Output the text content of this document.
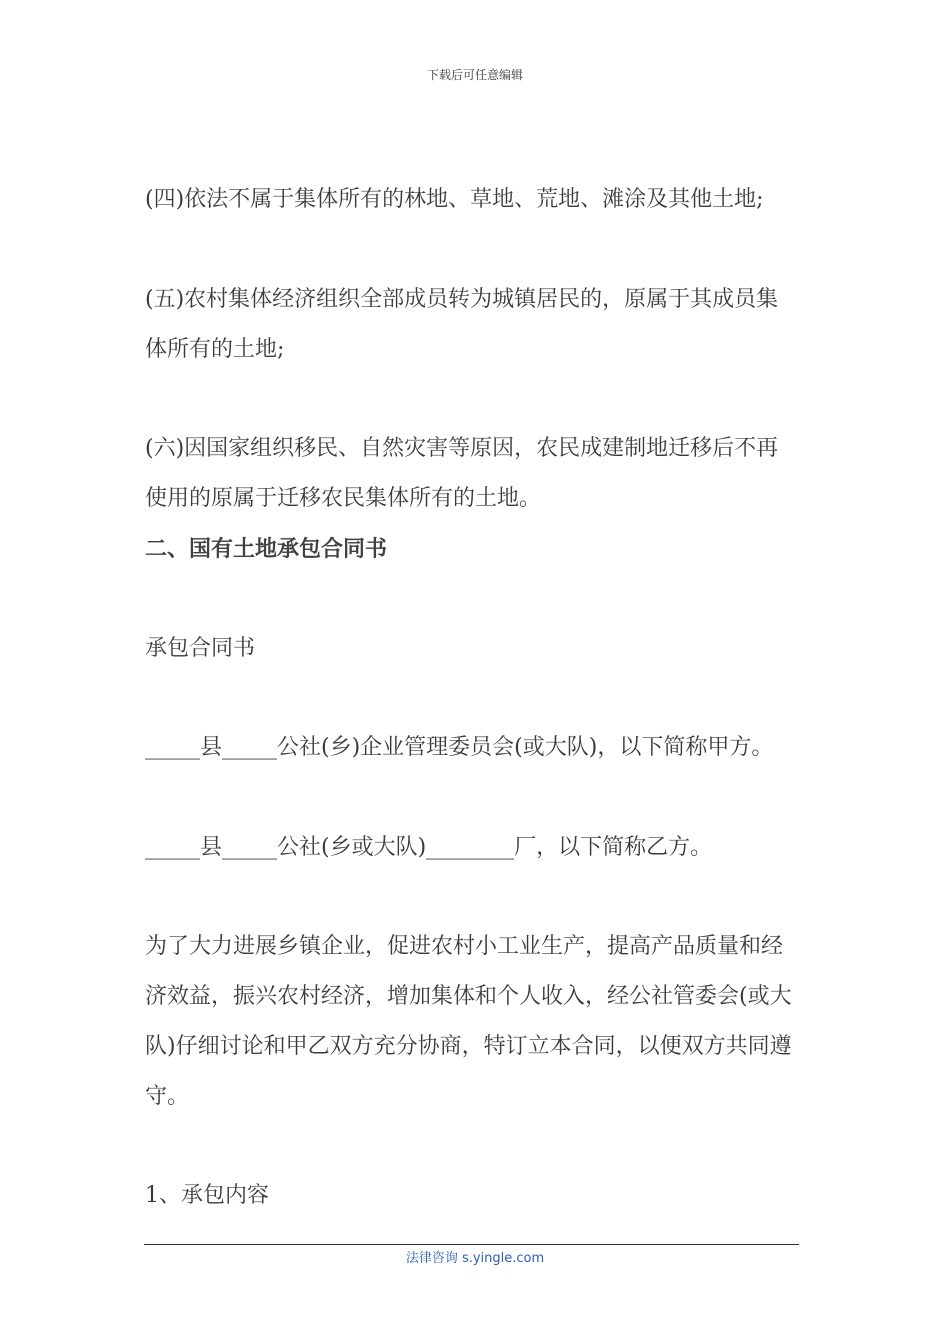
下载后可任意编辑
(四)依法不属于集体所有的林地、草地、荒地、滩涂及其他土地;
(五)农村集体经济组织全部成员转为城镇居民的，原属于其成员集
体所有的土地;
(六)因国家组织移民、自然灾害等原因，农民成建制地迁移后不再
使用的原属于迁移农民集体所有的土地。
二、国有土地承包合同书
承包合同书
_____县_____公社(乡)企业管理委员会(或大队)，以下简称甲方。
_____县_____公社(乡或大队)________厂，以下简称乙方。
为了大力进展乡镇企业，促进农村小工业生产，提高产品质量和经
济效益，振兴农村经济，增加集体和个人收入，经公社管委会(或大
队)仔细讨论和甲乙双方充分协商，特订立本合同，以便双方共同遵
守。
1、承包内容
法律咨询 s.yingle.com
